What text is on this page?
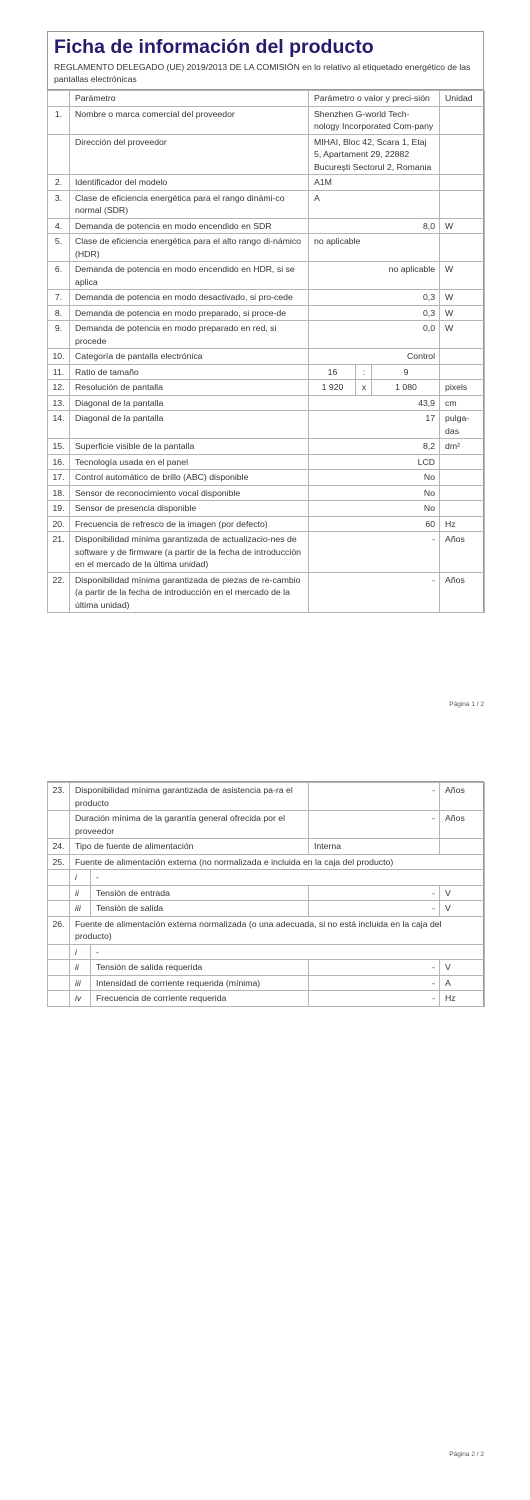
Ficha de información del producto
REGLAMENTO DELEGADO (UE) 2019/2013 DE LA COMISIÓN en lo relativo al etiquetado energético de las pantallas electrónicas
	Parámetro	Parámetro o valor y preci-sión			Unidad
1.	Nombre o marca comercial del proveedor	Shenzhen G-world Tech-nology Incorporated Com-pany			
	Dirección del proveedor	MIHAI, Bloc 42, Scara 1, Etaj 5, Apartament 29, 22882 Bucureşti Sectorul 2, Romania			
2.	Identificador del modelo	A1M			
3.	Clase de eficiencia energética para el rango dinámi-co normal (SDR)	A			
4.	Demanda de potencia en modo encendido en SDR	8,0			W
5.	Clase de eficiencia energética para el alto rango di-námico (HDR)	no aplicable			
6.	Demanda de potencia en modo encendido en HDR, si se aplica	no aplicable			W
7.	Demanda de potencia en modo desactivado, si pro-cede	0,3			W
8.	Demanda de potencia en modo preparado, si proce-de	0,3			W
9.	Demanda de potencia en modo preparado en red, si procede	0,0			W
10.	Categoría de pantalla electrónica	Control			
11.	Ratio de tamaño	16	:	9	
12.	Resolución de pantalla	1 920	x	1 080	pixels
13.	Diagonal de la pantalla	43,9			cm
14.	Diagonal de la pantalla	17			pulga-das
15.	Superficie visible de la pantalla	8,2			dm²
16.	Tecnología usada en el panel	LCD			
17.	Control automático de brillo (ABC) disponible	No			
18.	Sensor de reconocimiento vocal disponible	No			
19.	Sensor de presencia disponible	No			
20.	Frecuencia de refresco de la imagen (por defecto)	60			Hz
21.	Disponibilidad mínima garantizada de actualizacio-nes de software y de firmware (a partir de la fecha de introducción en el mercado de la última unidad)	-			Años
22.	Disponibilidad mínima garantizada de piezas de re-cambio (a partir de la fecha de introducción en el mercado de la última unidad)	-			Años
Página 1 / 2
23.	Disponibilidad mínima garantizada de asistencia pa-ra el producto		-	Años
	Duración mínima de la garantía general ofrecida por el proveedor		-	Años
24.	Tipo de fuente de alimentación		Interna	
25.	Fuente de alimentación externa (no normalizada e incluida en la caja del producto)			
	i	-		
	ii	Tensión de entrada	-	V
	iii	Tensión de salida	-	V
26.	Fuente de alimentación externa normalizada (o una adecuada, si no está incluida en la caja del producto)			
	i	-		
	ii	Tensión de salida requerida	-	V
	iii	Intensidad de corriente requerida (mínima)	-	A
	iv	Frecuencia de corriente requerida	-	Hz
Página 2 / 2
